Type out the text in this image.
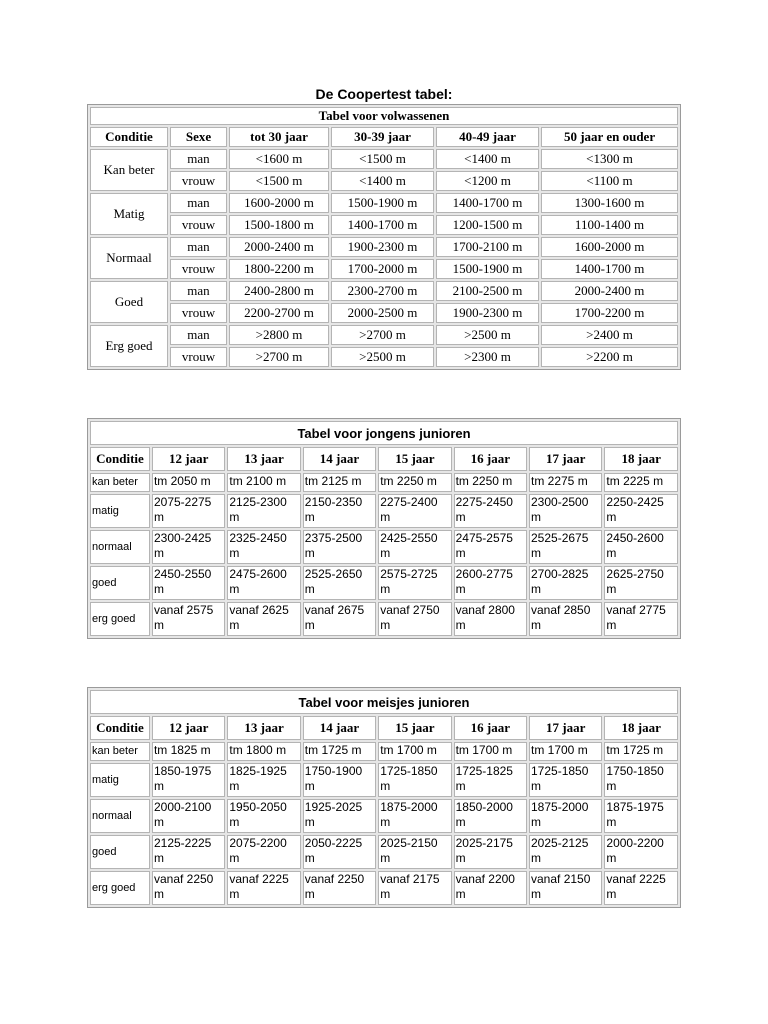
De Coopertest tabel:
Tabel voor volwassenen					
Conditie	Sexe	tot 30 jaar	30-39 jaar	40-49 jaar	50 jaar en ouder
Kan beter	man	<1600 m	<1500 m	<1400 m	<1300 m
	vrouw	<1500 m	<1400 m	<1200 m	<1100 m
Matig	man	1600-2000 m	1500-1900 m	1400-1700 m	1300-1600 m
	vrouw	1500-1800 m	1400-1700 m	1200-1500 m	1100-1400 m
Normaal	man	2000-2400 m	1900-2300 m	1700-2100 m	1600-2000 m
	vrouw	1800-2200 m	1700-2000 m	1500-1900 m	1400-1700 m
Goed	man	2400-2800 m	2300-2700 m	2100-2500 m	2000-2400 m
	vrouw	2200-2700 m	2000-2500 m	1900-2300 m	1700-2200 m
Erg goed	man	>2800 m	>2700 m	>2500 m	>2400 m
	vrouw	>2700 m	>2500 m	>2300 m	>2200 m
Tabel voor jongens junioren							
Conditie	12 jaar	13 jaar	14 jaar	15 jaar	16 jaar	17 jaar	18 jaar
kan beter	tm 2050 m	tm 2100 m	tm 2125 m	tm 2250 m	tm 2250 m	tm 2275 m	tm 2225 m
matig	2075-2275 m	2125-2300 m	2150-2350 m	2275-2400 m	2275-2450 m	2300-2500 m	2250-2425 m
normaal	2300-2425 m	2325-2450 m	2375-2500 m	2425-2550 m	2475-2575 m	2525-2675 m	2450-2600 m
goed	2450-2550 m	2475-2600 m	2525-2650 m	2575-2725 m	2600-2775 m	2700-2825 m	2625-2750 m
erg goed	vanaf 2575 m	vanaf 2625 m	vanaf 2675 m	vanaf 2750 m	vanaf 2800 m	vanaf 2850 m	vanaf 2775 m
Tabel voor meisjes junioren							
Conditie	12 jaar	13 jaar	14 jaar	15 jaar	16 jaar	17 jaar	18 jaar
kan beter	tm 1825 m	tm 1800 m	tm 1725 m	tm 1700 m	tm 1700 m	tm 1700 m	tm 1725 m
matig	1850-1975 m	1825-1925 m	1750-1900 m	1725-1850 m	1725-1825 m	1725-1850 m	1750-1850 m
normaal	2000-2100 m	1950-2050 m	1925-2025 m	1875-2000 m	1850-2000 m	1875-2000 m	1875-1975 m
goed	2125-2225 m	2075-2200 m	2050-2225 m	2025-2150 m	2025-2175 m	2025-2125 m	2000-2200 m
erg goed	vanaf 2250 m	vanaf 2225 m	vanaf 2250 m	vanaf 2175 m	vanaf 2200 m	vanaf 2150 m	vanaf 2225 m
